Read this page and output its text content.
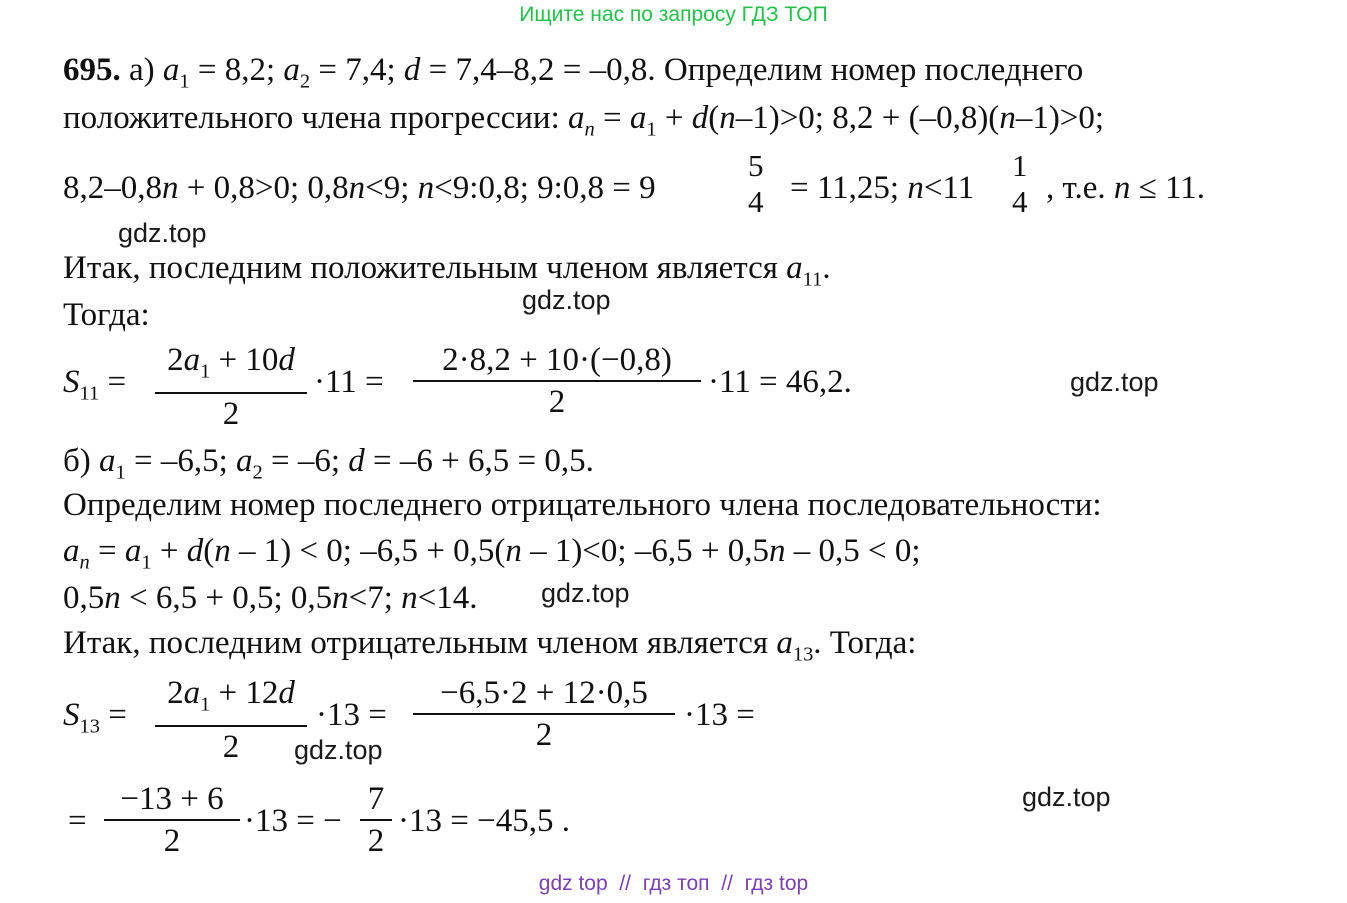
Ищите нас по запросу ГДЗ ТОП
695. а) $a_1 = 8,2$; $a_2 = 7,4$; d = 7,4–8,2 = –0,8. Определим номер последнего
положительного члена прогрессии: $a_n = a_1 + d(n-1)>0$; 8,2 + (–0,8)(n–1)>0;
8,2–0,8n + 0,8>0; 0,8n<9; n<9:0,8; 9:0,8 = 9
5
4 = 11,25; n<11
1
4 , т.е. n ≤ 11.
gdz.top
Итак, последним положительным членом является $a_{11}$.
gdz.top
Тогда:
$S_{11}$ =
$2a_1 + 10d$
2
·11 =
2·8,2 + 10·(−0,8)
2
·11 = 46,2.	gdz.top
б) $a_1 = -6,5$; $a_2 = -6$; d = –6 + 6,5 = 0,5.
Определим номер последнего отрицательного члена последовательности:
$a_n = a_1 + d(n - 1) < 0$; –6,5 + 0,5(n – 1)<0; –6,5 + 0,5n – 0,5 < 0;
0,5n < 6,5 + 0,5; 0,5n<7; n<14. gdz.top
Итак, последним отрицательным членом является $a_{13}$. Тогда:
$S_{13}$ =
$2a_1 + 12d$
2
·13 =
−6,5·2 + 12·0,5
2
·13 =
gdz.top
=
−13 + 6
2
·13 = −
7
2
·13 = −45,5 .
gdz.top
gdz top // гдз топ // гдз top
